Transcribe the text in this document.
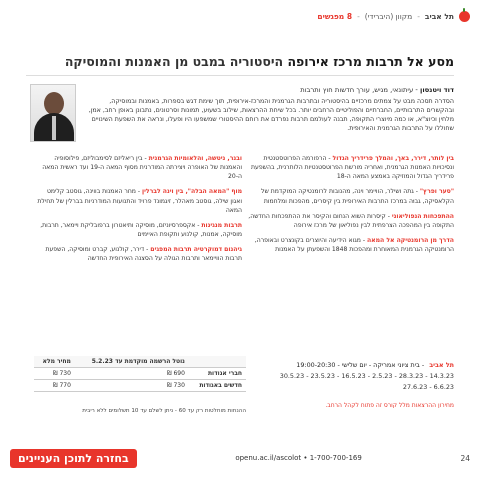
תל אביב
-
מקוון (היברידי)
-
8 מפגשים
מסע אל תרבות מרכז אירופה היסטוריה במבט מן האמנות והמוסיקה
דוד ויטנסון - עיתונאי, מגיש, עורך חדשות חוץ ותרבות
הסדרה תסכה מבט על צמתים מרכזיים בהיסטוריה ובתרבות הגרמנית והמרכז-אירופית, תוך שימת דגש בספרות, באמנות ובמוסיקה, ובהקשרים התרבותיים, החברתיים והפוליטיים הרחבים יותר. בכל שיחת ההרצאות, שילוב בשעוּע, תמונות וסרטונים, נתבונן באופן רחב, אמן, מלחין וכיוצ"א, או כמה מיוצרי התקופה, תבנה לעולמם תרבות נפרדם את רוחם ההיסטורי שמשפעו היו ופעלו, ונראה את השפעת השינויים שחוללו על התרבות הגרמנית והאירופית.
בין לותר, דירר, באך, והמלך פרידריך הגדול - הרפורמה הפרוטסטנטית ונסיכויות האמנות הגרמנית, ואחריה מורשת הפרוטסטנטיות הלותרנית, בהשפעת פרידריך הגדול והמוזיקה באמצע המאה ה-18
"סער ופרץ" - גתה ושילר, הוויימר וינה, מהנובות לרומנטיקה המוקדמת של הקלאסיקה, גבוּה במרכז התרבות האירופית בין קיסרים, מהפכות ומלחמות
ההתפכחות הנפוליאוני - קיסרות השוא הנחום והקיסר את ההתפכחות החדשה, התקופה בין המהפכה הצרפתית לבין נפוליאון של מרכז אירופה
הדרך מן הרומנטיקה אל המאה - מגוא הידיעה והיוצרים בקונצרט ובאופרה, הרומנטיקה הגרמנית המאוחרת ומהפכות 1848 והשפעתן על האמנות
ובנר, ניטשה, והלאומיות הגרמנית - בין ריאליזם לסימבוליזם, פילוסופיה והאמנות של האופרה ויצירתה המודרנית מסוף המאה ה-19 ועד ראשית המאה ה-20
מוף "המאה הבלה", בין וינה לברלין - מחר האמנות בווינה, גוסטב קלימט ואגון שילה, גוסטב מאהלר, זיגמונד פרויד והתנועות המודרניות בברלין של תחילת המאה
תרבות מנגינות - אקספרסיוניזם, מוסיקה ותיאטרון ברפובליקת ויימאר, תרבות, מוסיקה, אמנות, קולנוע ותקופת האיימים
גיהנום דמוקרטיה תרבות המפגים - דירר, קולנוע, קברט ומוסיקה, השפעת תרבות הוויימאר ותרבות הגולה על הסצנה האירופית החדשה
תל אביב
- בית ציוני אמריקה - יום שלישי - 19:00-20:30
14.3.23 - 28.3.23 - 2.5.23 - 16.5.23 - 23.5.23 - 30.5.23
6.6.23 - 27.6.23
מחירון ההרצאות מלל קורס זה פתוח לקהל הרחב.
	נוטל הרשמה מוקדמת עד 5.2.23	מחיר מלא
חברי אגודות	690 ₪	730 ₪
חדשים באגודות	730 ₪	770 ₪
ההנחות מוחלטות רק עד 60 - ניתן לשלם עד 10 תשלומים ללא ריבית
24
openu.ac.il/ascolot • 1-700-700-169
בחזרה לתוכן העניינים
